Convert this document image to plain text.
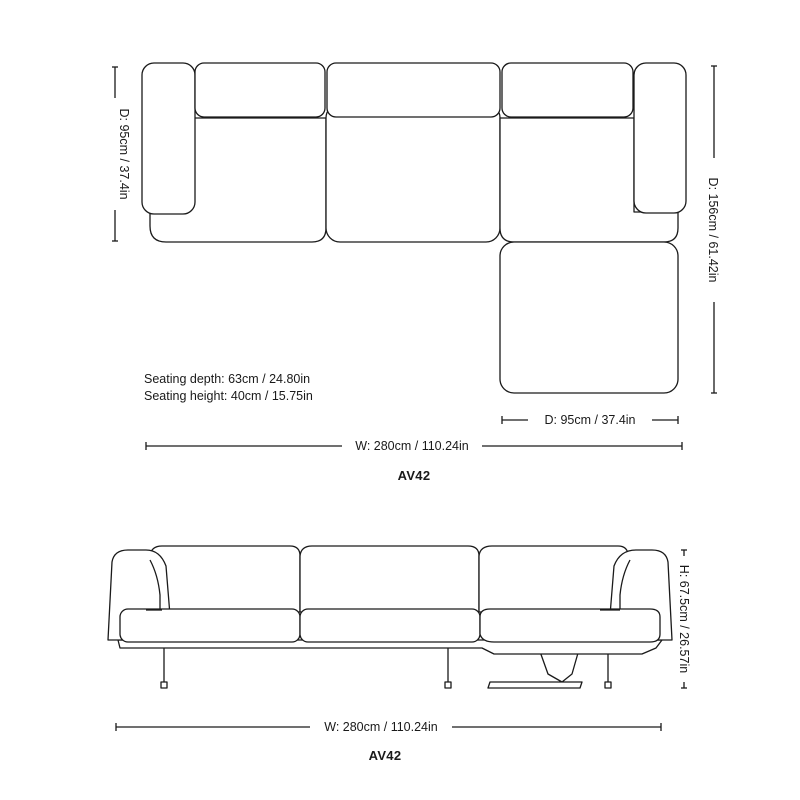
D: 95cm / 37.4in
D: 156cm / 61.42in
D: 95cm / 37.4in
Seating depth: 63cm / 24.80in
Seating height: 40cm / 15.75in
W: 280cm / 110.24in
AV42
H: 67.5cm / 26.57in
W: 280cm / 110.24in
AV42
